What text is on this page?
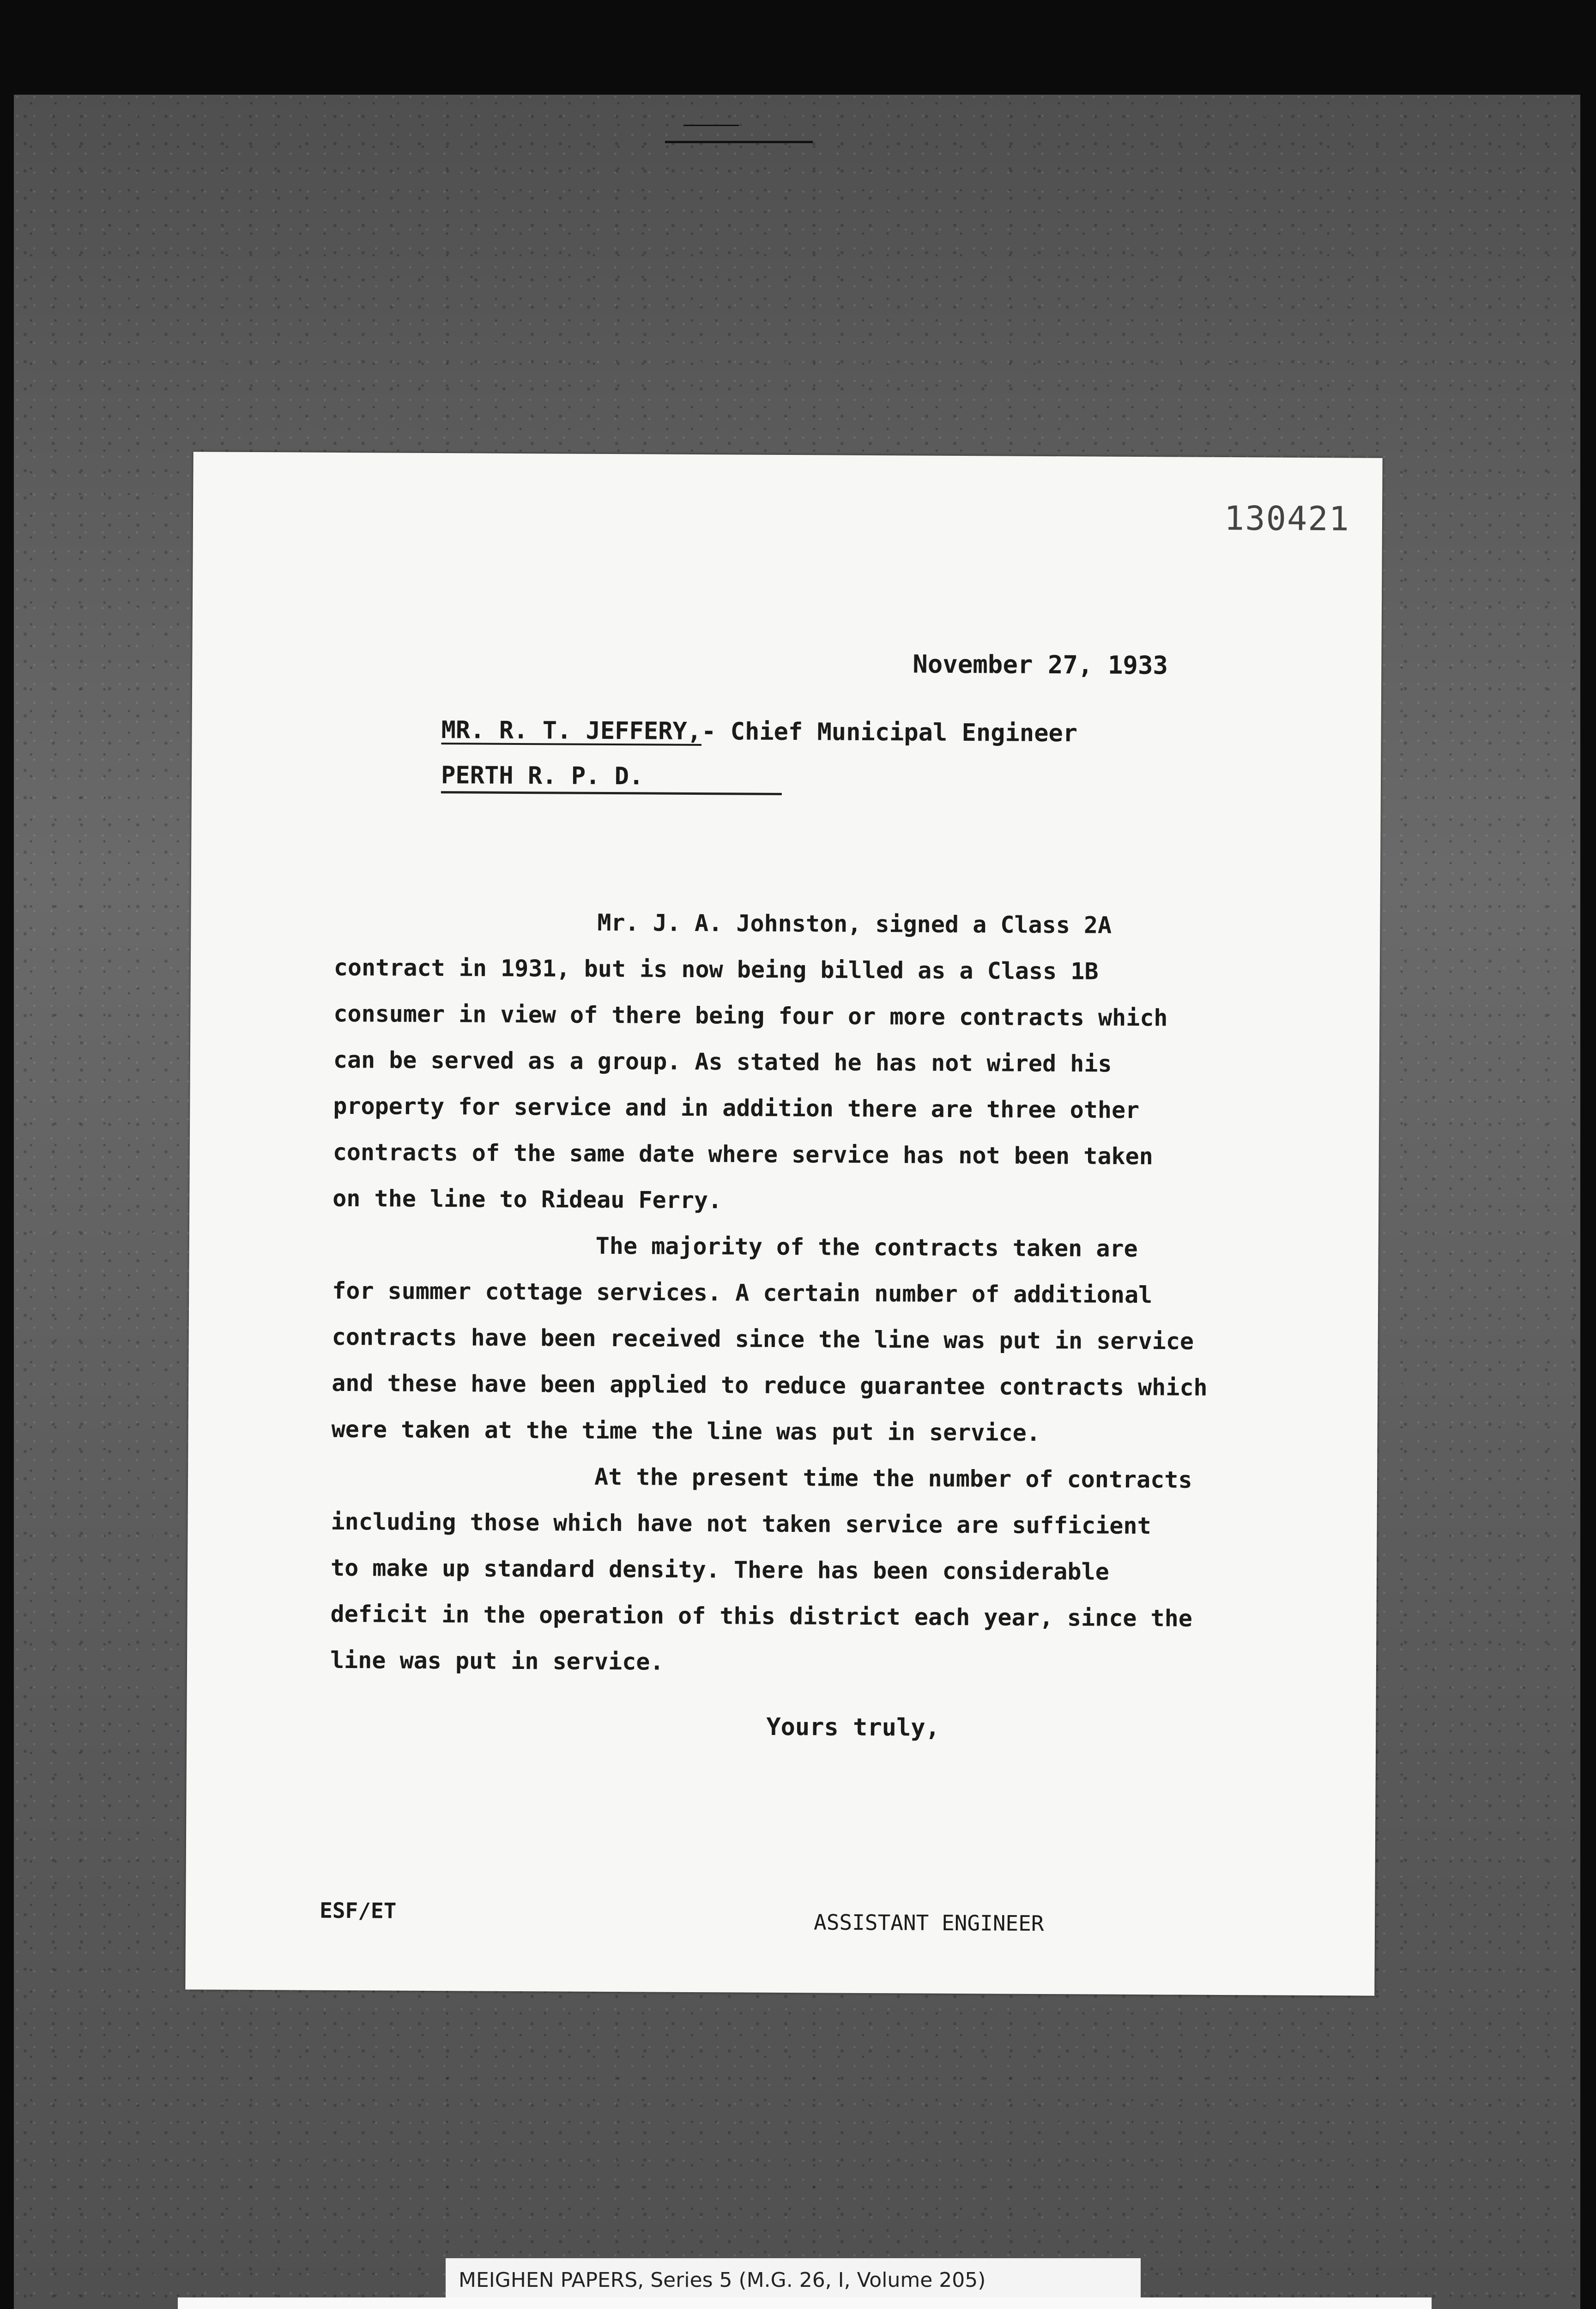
130421

November 27, 1933

MR. R. T. JEFFERY,- Chief Municipal Engineer

PERTH R. P. D.

Mr. J. A. Johnston, signed a Class 2A
contract in 1931, but is now being billed as a Class 1B
consumer in view of there being four or more contracts which
can be served as a group. As stated he has not wired his
property for service and in addition there are three other
contracts of the same date where service has not been taken
on the line to Rideau Ferry.
The majority of the contracts taken are
for summer cottage services. A certain number of additional
contracts have been received since the line was put in service
and these have been applied to reduce guarantee contracts which
were taken at the time the line was put in service.
At the present time the number of contracts
including those which have not taken service are sufficient
to make up standard density. There has been considerable
deficit in the operation of this district each year, since the
line was put in service.

Yours truly,

ESF/ET	ASSISTANT ENGINEER

MEIGHEN PAPERS, Series 5 (M.G. 26, I, Volume 205)
